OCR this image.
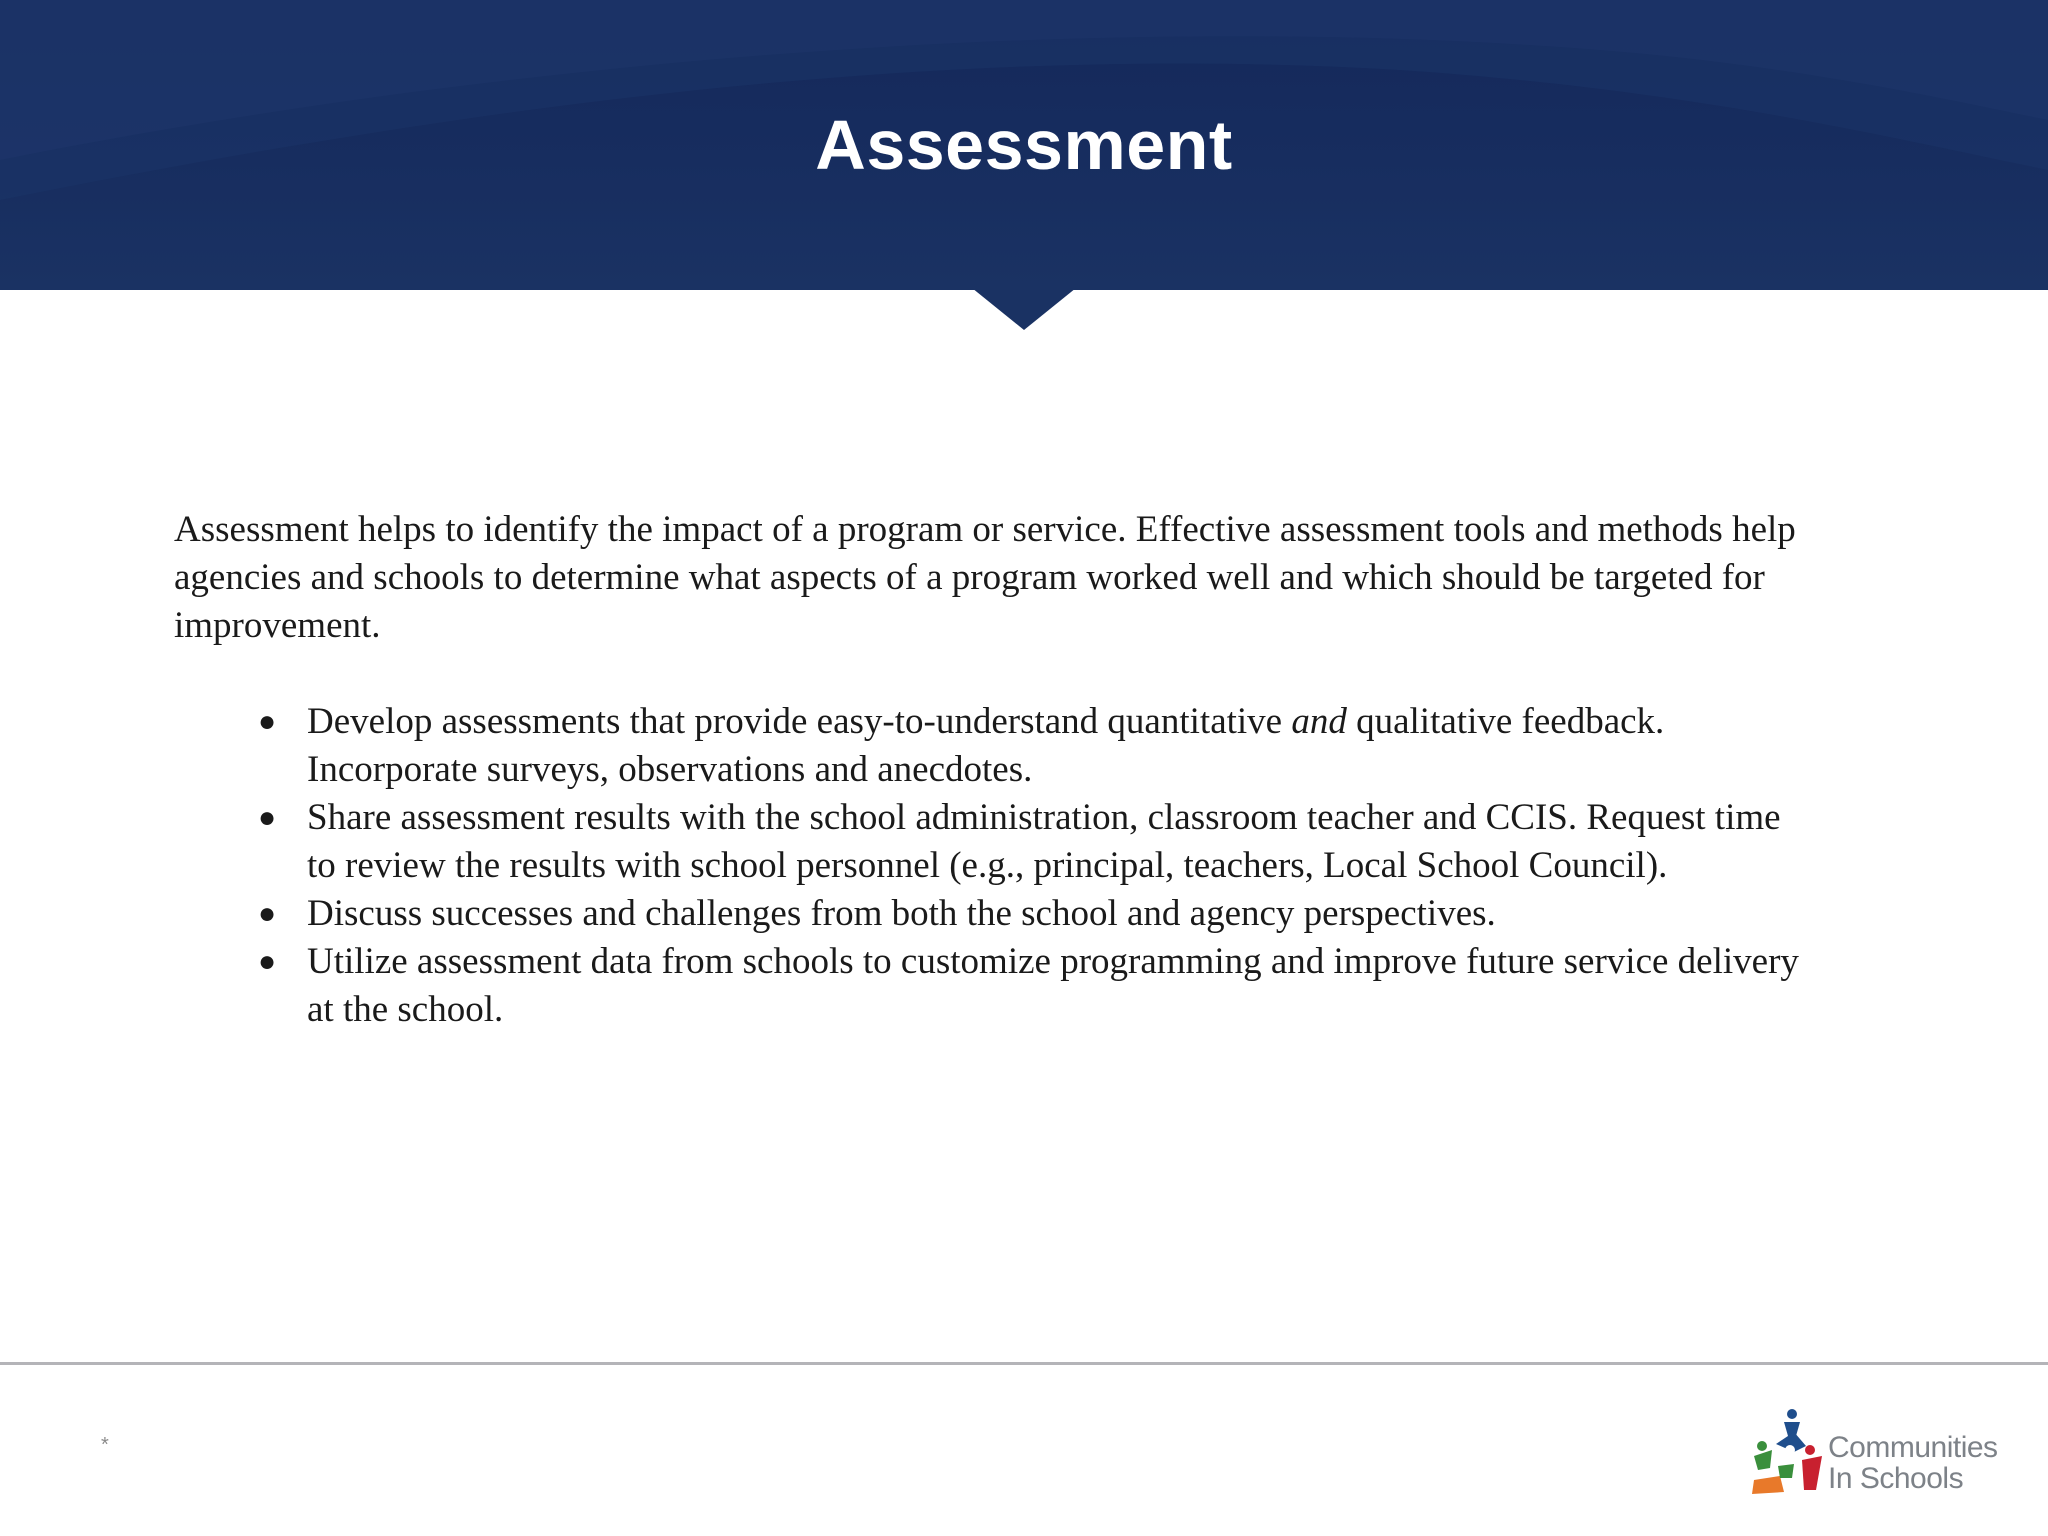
Assessment

Assessment helps to identify the impact of a program or service. Effective assessment tools and methods help agencies and schools to determine what aspects of a program worked well and which should be targeted for improvement.

● Develop assessments that provide easy-to-understand quantitative and qualitative feedback. Incorporate surveys, observations and anecdotes.
● Share assessment results with the school administration, classroom teacher and CCIS. Request time to review the results with school personnel (e.g., principal, teachers, Local School Council).
● Discuss successes and challenges from both the school and agency perspectives.
● Utilize assessment data from schools to customize programming and improve future service delivery at the school.
*	Communities
In Schools
